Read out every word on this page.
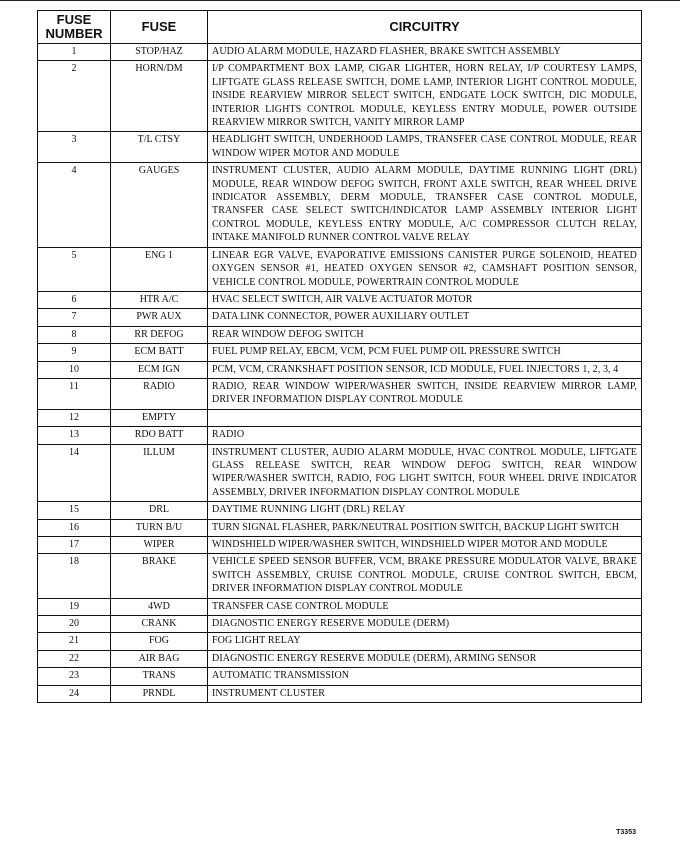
FUSE NUMBER	FUSE	CIRCUITRY
1	STOP/HAZ	AUDIO ALARM MODULE, HAZARD FLASHER, BRAKE SWITCH ASSEMBLY
2	HORN/DM	I/P COMPARTMENT BOX LAMP, CIGAR LIGHTER, HORN RELAY, I/P COURTESY LAMPS, LIFTGATE GLASS RELEASE SWITCH, DOME LAMP, INTERIOR LIGHT CONTROL MODULE, INSIDE REARVIEW MIRROR SELECT SWITCH, ENDGATE LOCK SWITCH, DIC MODULE, INTERIOR LIGHTS CONTROL MODULE, KEYLESS ENTRY MODULE, POWER OUTSIDE REARVIEW MIRROR SWITCH, VANITY MIRROR LAMP
3	T/L CTSY	HEADLIGHT SWITCH, UNDERHOOD LAMPS, TRANSFER CASE CONTROL MODULE, REAR WINDOW WIPER MOTOR AND MODULE
4	GAUGES	INSTRUMENT CLUSTER, AUDIO ALARM MODULE, DAYTIME RUNNING LIGHT (DRL) MODULE, REAR WINDOW DEFOG SWITCH, FRONT AXLE SWITCH, REAR WHEEL DRIVE INDICATOR ASSEMBLY, DERM MODULE, TRANSFER CASE CONTROL MODULE, TRANSFER CASE SELECT SWITCH/INDICATOR LAMP ASSEMBLY INTERIOR LIGHT CONTROL MODULE, KEYLESS ENTRY MODULE, A/C COMPRESSOR CLUTCH RELAY, INTAKE MANIFOLD RUNNER CONTROL VALVE RELAY
5	ENG 1	LINEAR EGR VALVE, EVAPORATIVE EMISSIONS CANISTER PURGE SOLENOID, HEATED OXYGEN SENSOR #1, HEATED OXYGEN SENSOR #2, CAMSHAFT POSITION SENSOR, VEHICLE CONTROL MODULE, POWERTRAIN CONTROL MODULE
6	HTR A/C	HVAC SELECT SWITCH, AIR VALVE ACTUATOR MOTOR
7	PWR AUX	DATA LINK CONNECTOR, POWER AUXILIARY OUTLET
8	RR DEFOG	REAR WINDOW DEFOG SWITCH
9	ECM BATT	FUEL PUMP RELAY, EBCM, VCM, PCM FUEL PUMP OIL PRESSURE SWITCH
10	ECM IGN	PCM, VCM, CRANKSHAFT POSITION SENSOR, ICD MODULE, FUEL INJECTORS 1, 2, 3, 4
11	RADIO	RADIO, REAR WINDOW WIPER/WASHER SWITCH, INSIDE REARVIEW MIRROR LAMP, DRIVER INFORMATION DISPLAY CONTROL MODULE
12	EMPTY	
13	RDO BATT	RADIO
14	ILLUM	INSTRUMENT CLUSTER, AUDIO ALARM MODULE, HVAC CONTROL MODULE, LIFTGATE GLASS RELEASE SWITCH, REAR WINDOW DEFOG SWITCH, REAR WINDOW WIPER/WASHER SWITCH, RADIO, FOG LIGHT SWITCH, FOUR WHEEL DRIVE INDICATOR ASSEMBLY, DRIVER INFORMATION DISPLAY CONTROL MODULE
15	DRL	DAYTIME RUNNING LIGHT (DRL) RELAY
16	TURN B/U	TURN SIGNAL FLASHER, PARK/NEUTRAL POSITION SWITCH, BACKUP LIGHT SWITCH
17	WIPER	WINDSHIELD WIPER/WASHER SWITCH, WINDSHIELD WIPER MOTOR AND MODULE
18	BRAKE	VEHICLE SPEED SENSOR BUFFER, VCM, BRAKE PRESSURE MODULATOR VALVE, BRAKE SWITCH ASSEMBLY, CRUISE CONTROL MODULE, CRUISE CONTROL SWITCH, EBCM, DRIVER INFORMATION DISPLAY CONTROL MODULE
19	4WD	TRANSFER CASE CONTROL MODULE
20	CRANK	DIAGNOSTIC ENERGY RESERVE MODULE (DERM)
21	FOG	FOG LIGHT RELAY
22	AIR BAG	DIAGNOSTIC ENERGY RESERVE MODULE (DERM), ARMING SENSOR
23	TRANS	AUTOMATIC TRANSMISSION
24	PRNDL	INSTRUMENT CLUSTER
T3353
